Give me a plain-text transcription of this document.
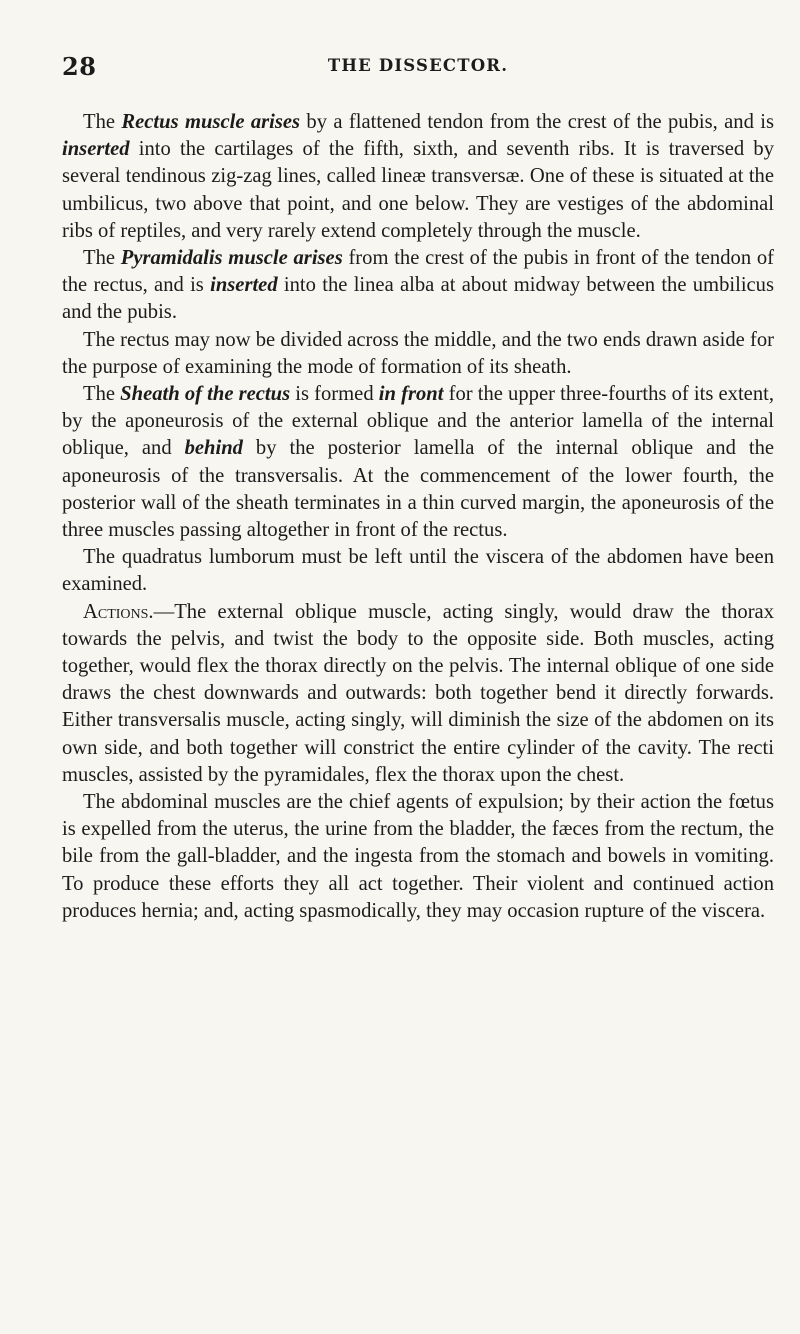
28	THE DISSECTOR.

The Rectus muscle arises by a flattened tendon from the crest of the pubis, and is inserted into the cartilages of the fifth, sixth, and seventh ribs. It is traversed by several tendinous zig-zag lines, called lineæ transversæ. One of these is situated at the umbilicus, two above that point, and one below. They are vestiges of the abdominal ribs of reptiles, and very rarely extend completely through the muscle.

The Pyramidalis muscle arises from the crest of the pubis in front of the tendon of the rectus, and is inserted into the linea alba at about midway between the umbilicus and the pubis.

The rectus may now be divided across the middle, and the two ends drawn aside for the purpose of examining the mode of formation of its sheath.

The Sheath of the rectus is formed in front for the upper three-fourths of its extent, by the aponeurosis of the external oblique and the anterior lamella of the internal oblique, and behind by the posterior lamella of the internal oblique and the aponeurosis of the transversalis. At the commencement of the lower fourth, the posterior wall of the sheath terminates in a thin curved margin, the aponeurosis of the three muscles passing altogether in front of the rectus.

The quadratus lumborum must be left until the viscera of the abdomen have been examined.

Actions.—The external oblique muscle, acting singly, would draw the thorax towards the pelvis, and twist the body to the opposite side. Both muscles, acting together, would flex the thorax directly on the pelvis. The internal oblique of one side draws the chest downwards and outwards: both together bend it directly forwards. Either transversalis muscle, acting singly, will diminish the size of the abdomen on its own side, and both together will constrict the entire cylinder of the cavity. The recti muscles, assisted by the pyramidales, flex the thorax upon the chest.

The abdominal muscles are the chief agents of expulsion; by their action the fœtus is expelled from the uterus, the urine from the bladder, the fæces from the rectum, the bile from the gall-bladder, and the ingesta from the stomach and bowels in vomiting. To produce these efforts they all act together. Their violent and continued action produces hernia; and, acting spasmodically, they may occasion rupture of the viscera.
